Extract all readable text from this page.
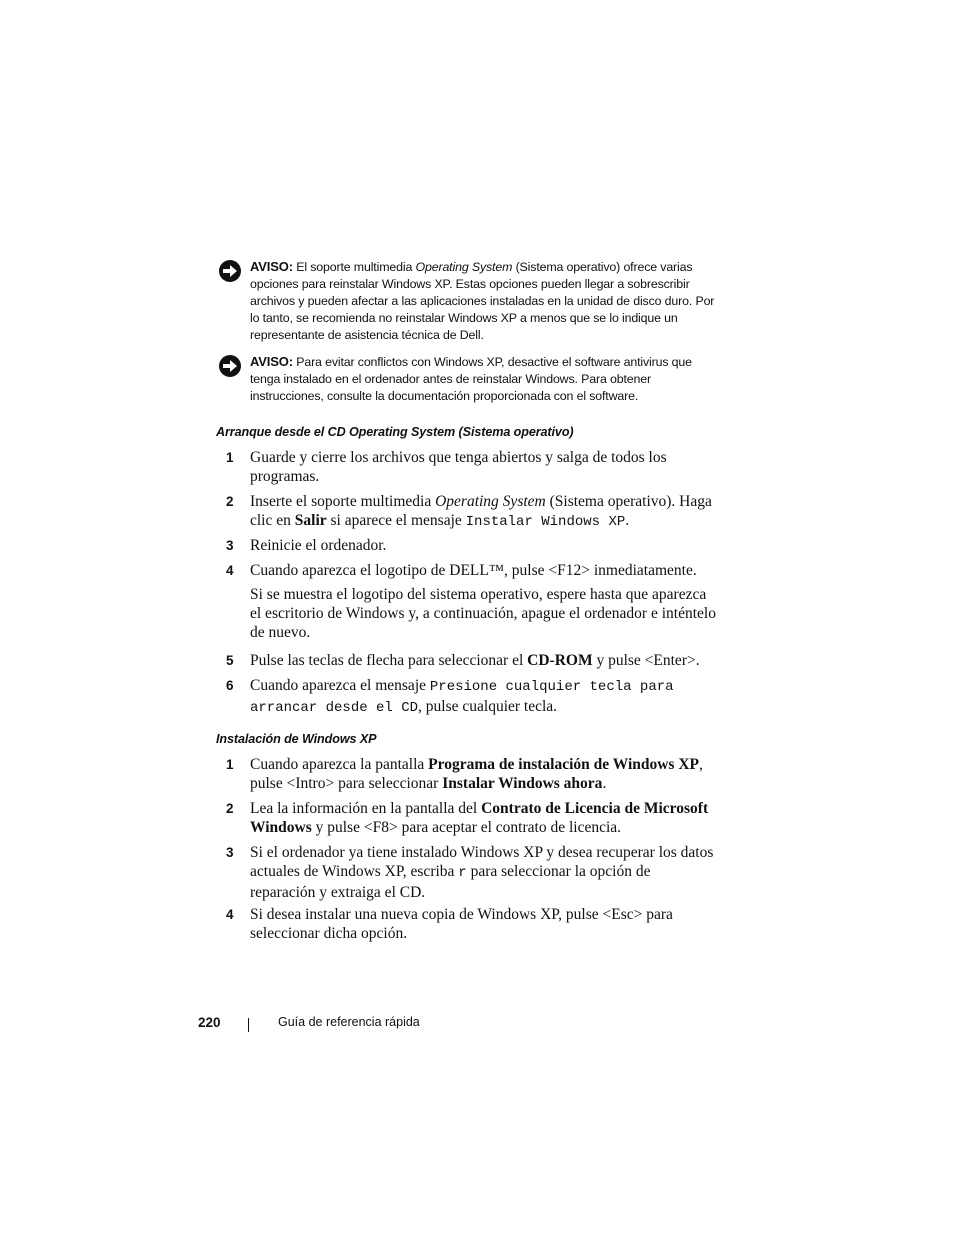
AVISO: El soporte multimedia Operating System (Sistema operativo) ofrece varias opciones para reinstalar Windows XP. Estas opciones pueden llegar a sobrescribir archivos y pueden afectar a las aplicaciones instaladas en la unidad de disco duro. Por lo tanto, se recomienda no reinstalar Windows XP a menos que se lo indique un representante de asistencia técnica de Dell.
AVISO: Para evitar conflictos con Windows XP, desactive el software antivirus que tenga instalado en el ordenador antes de reinstalar Windows. Para obtener instrucciones, consulte la documentación proporcionada con el software.
Arranque desde el CD Operating System (Sistema operativo)
1 Guarde y cierre los archivos que tenga abiertos y salga de todos los programas.
2 Inserte el soporte multimedia Operating System (Sistema operativo). Haga clic en Salir si aparece el mensaje Instalar Windows XP.
3 Reinicie el ordenador.
4 Cuando aparezca el logotipo de DELL™, pulse <F12> inmediatamente.
Si se muestra el logotipo del sistema operativo, espere hasta que aparezca el escritorio de Windows y, a continuación, apague el ordenador e inténtelo de nuevo.
5 Pulse las teclas de flecha para seleccionar el CD-ROM y pulse <Enter>.
6 Cuando aparezca el mensaje Presione cualquier tecla para arrancar desde el CD, pulse cualquier tecla.
Instalación de Windows XP
1 Cuando aparezca la pantalla Programa de instalación de Windows XP, pulse <Intro> para seleccionar Instalar Windows ahora.
2 Lea la información en la pantalla del Contrato de Licencia de Microsoft Windows y pulse <F8> para aceptar el contrato de licencia.
3 Si el ordenador ya tiene instalado Windows XP y desea recuperar los datos actuales de Windows XP, escriba r para seleccionar la opción de reparación y extraiga el CD.
4 Si desea instalar una nueva copia de Windows XP, pulse <Esc> para seleccionar dicha opción.
220	Guía de referencia rápida
